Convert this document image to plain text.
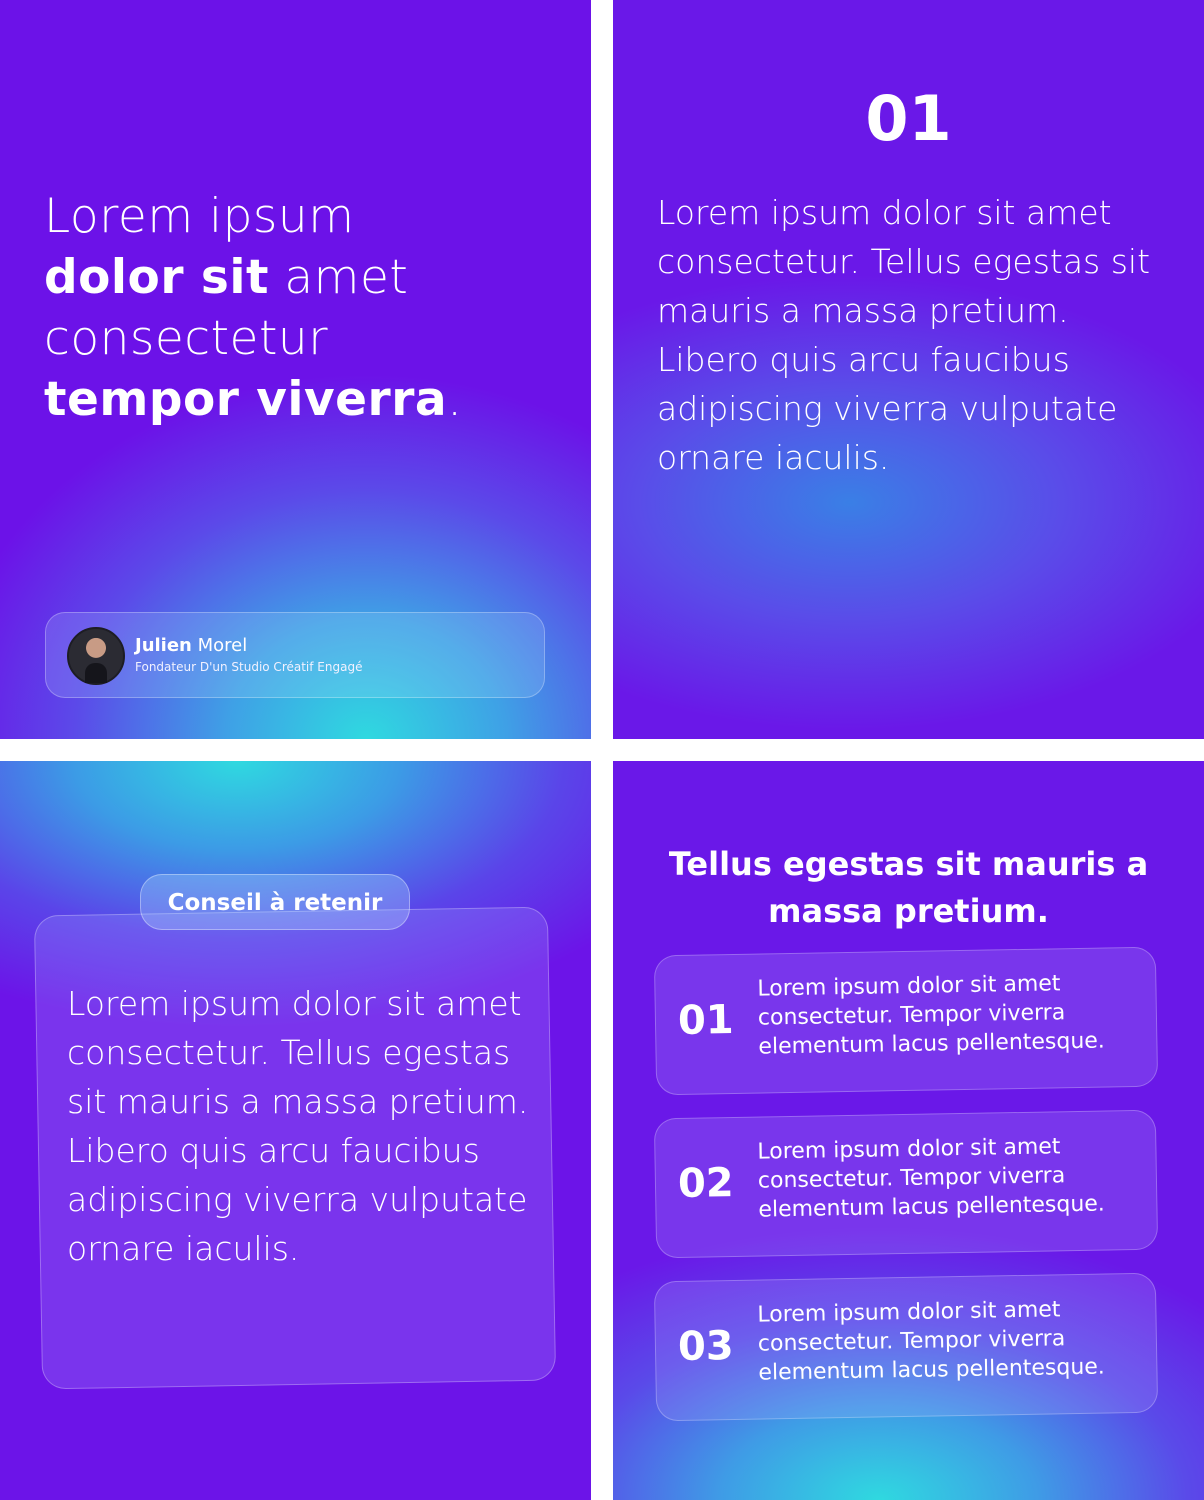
Lorem ipsum
dolor sit amet
consectetur
tempor viverra.
Julien Morel
Fondateur D'un Studio Créatif Engagé
01
Lorem ipsum dolor sit amet consectetur. Tellus egestas sit mauris a massa pretium. Libero quis arcu faucibus adipiscing viverra vulputate ornare iaculis.
Conseil à retenir
Lorem ipsum dolor sit amet consectetur. Tellus egestas sit mauris a massa pretium. Libero quis arcu faucibus adipiscing viverra vulputate ornare iaculis.
Tellus egestas sit mauris a massa pretium.
01
Lorem ipsum dolor sit amet consectetur. Tempor viverra elementum lacus pellentesque.
02
Lorem ipsum dolor sit amet consectetur. Tempor viverra elementum lacus pellentesque.
03
Lorem ipsum dolor sit amet consectetur. Tempor viverra elementum lacus pellentesque.
